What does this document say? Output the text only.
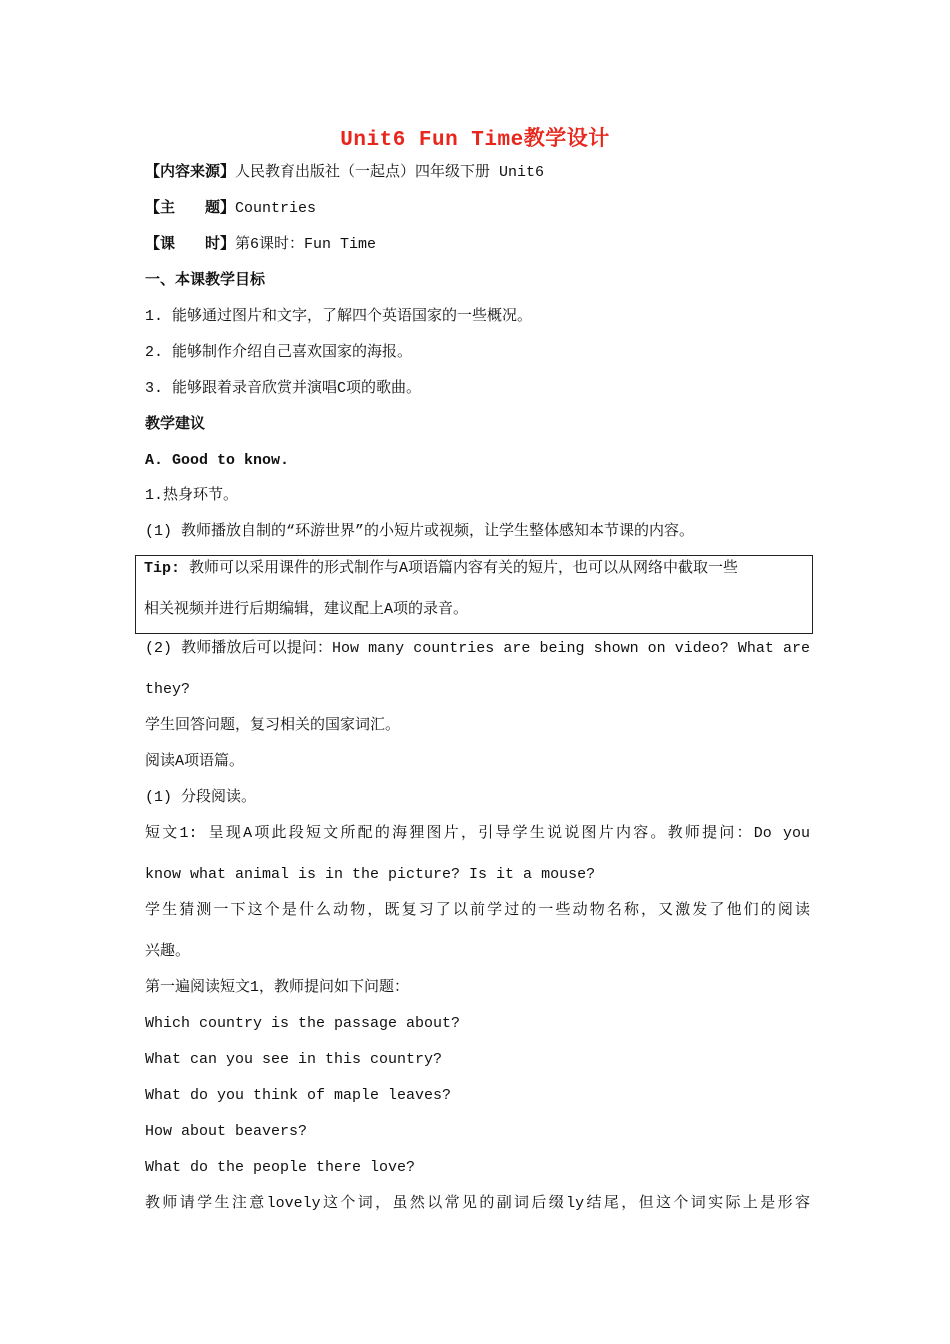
Unit6 Fun Time教学设计
【内容来源】人民教育出版社（一起点）四年级下册 Unit6
【主　　题】Countries
【课　　时】第6课时：Fun Time
一、本课教学目标
1. 能够通过图片和文字，了解四个英语国家的一些概况。
2. 能够制作介绍自己喜欢国家的海报。
3. 能够跟着录音欣赏并演唱C项的歌曲。
教学建议
A. Good to know.
1.热身环节。
(1) 教师播放自制的“环游世界”的小短片或视频，让学生整体感知本节课的内容。
Tip: 教师可以采用课件的形式制作与A项语篇内容有关的短片，也可以从网络中截取一些
相关视频并进行后期编辑，建议配上A项的录音。
(2) 教师播放后可以提问：How many countries are being shown on video? What are
they?
学生回答问题，复习相关的国家词汇。
阅读A项语篇。
(1) 分段阅读。
短文1: 呈现A项此段短文所配的海狸图片，引导学生说说图片内容。教师提问：Do you
know what animal is in the picture? Is it a mouse?
学生猜测一下这个是什么动物，既复习了以前学过的一些动物名称，又激发了他们的阅读
兴趣。
第一遍阅读短文1，教师提问如下问题：
Which country is the passage about?
What can you see in this country?
What do you think of maple leaves?
How about beavers?
What do the people there love?
教师请学生注意lovely这个词，虽然以常见的副词后缀ly结尾，但这个词实际上是形容
